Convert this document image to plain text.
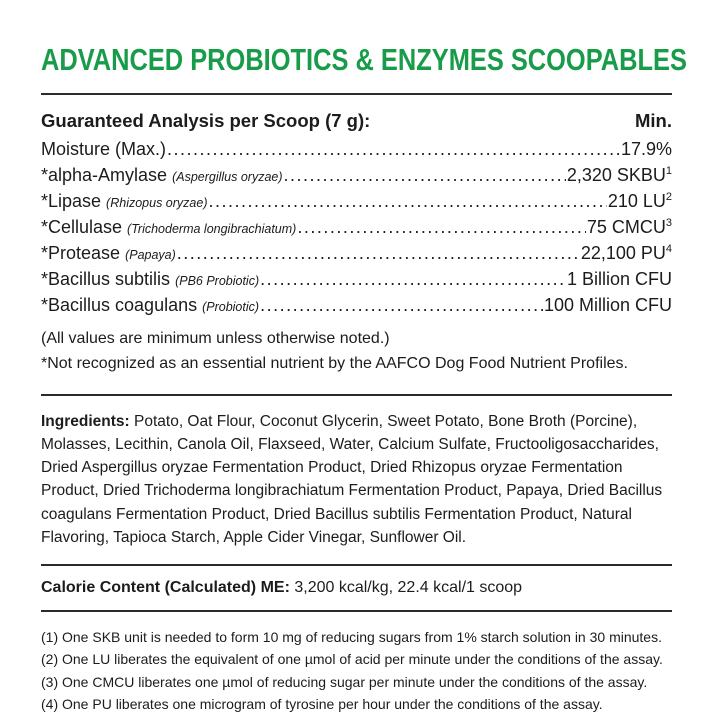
ADVANCED PROBIOTICS & ENZYMES SCOOPABLES
Guaranteed Analysis per Scoop (7 g):	Min.
Moisture (Max.) .....	17.9%
*alpha-Amylase (Aspergillus oryzae) .....	2,320 SKBU$^1$
*Lipase (Rhizopus oryzae) .....	210 $LU^2$
*Cellulase (Trichoderma longibrachiatum) .....	75 CMCU$^3$
*Protease (Papaya) .....	22,100 $PU^4$
*Bacillus subtilis (PB6 Probiotic) .....	1 Billion CFU
*Bacillus coagulans (Probiotic) .....	100 Million CFU
(All values are minimum unless otherwise noted.)
*Not recognized as an essential nutrient by the AAFCO Dog Food Nutrient Profiles.

Ingredients: Potato, Oat Flour, Coconut Glycerin, Sweet Potato, Bone Broth (Porcine), Molasses, Lecithin, Canola Oil, Flaxseed, Water, Calcium Sulfate, Fructooligosaccharides, Dried Aspergillus oryzae Fermentation Product, Dried Rhizopus oryzae Fermentation Product, Dried Trichoderma longibrachiatum Fermentation Product, Papaya, Dried Bacillus coagulans Fermentation Product, Dried Bacillus subtilis Fermentation Product, Natural Flavoring, Tapioca Starch, Apple Cider Vinegar, Sunflower Oil.

Calorie Content (Calculated) ME: 3,200 kcal/kg, 22.4 kcal/1 scoop

(1) One SKB unit is needed to form 10 mg of reducing sugars from 1% starch solution in 30 minutes.
(2) One LU liberates the equivalent of one µmol of acid per minute under the conditions of the assay.
(3) One CMCU liberates one µmol of reducing sugar per minute under the conditions of the assay.
(4) One PU liberates one microgram of tyrosine per hour under the conditions of the assay.
